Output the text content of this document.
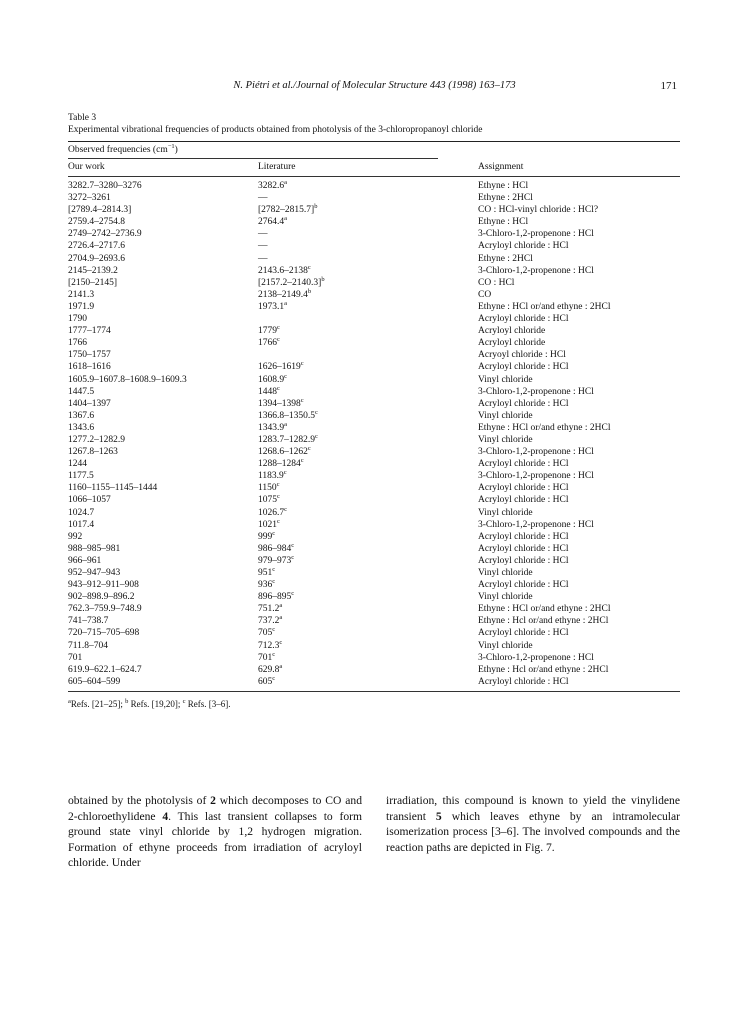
N. Piétri et al./Journal of Molecular Structure 443 (1998) 163–173	171
Table 3
Experimental vibrational frequencies of products obtained from photolysis of the 3-chloropropanoyl chloride
Observed frequencies $(cm^{-1})$
Our work	Literature	Assignment
3282.7–3280–3276	3282.6$^a$	Ethyne : HCl
3272–3261	—	Ethyne : 2HCl
[2789.4–2814.3]	$[2782-2815.7]^b$	CO : HCl-vinyl chloride : HCl?
2759.4–2754.8	2764.4$^a$	Ethyne : HCl
2749–2742–2736.9	—	3-Chloro-1,2-propenone : HCl
2726.4–2717.6	—	Acryloyl chloride : HCl
2704.9–2693.6	—	Ethyne : 2HCl
2145–2139.2	2143.6–2138$^c$	3-Chloro-1,2-propenone : HCl
[2150–2145]	$[2157.2-2140.3]^b$	CO : HCl
2141.3	2138–2149.4$^b$	CO
1971.9	1973.1$^a$	Ethyne : HCl or/and ethyne : 2HCl
1790		Acryloyl chloride : HCl
1777–1774	1779$^c$	Acryloyl chloride
1766	1766$^c$	Acryloyl chloride
1750–1757		Acryoyl chloride : HCl
1618–1616	1626–1619$^c$	Acryloyl chloride : HCl
1605.9–1607.8–1608.9–1609.3	1608.9$^c$	Vinyl chloride
1447.5	1448$^c$	3-Chloro-1,2-propenone : HCl
1404–1397	1394–1398$^c$	Acryloyl chloride : HCl
1367.6	1366.8–1350.5$^c$	Vinyl chloride
1343.6	1343.9$^a$	Ethyne : HCl or/and ethyne : 2HCl
1277.2–1282.9	1283.7–1282.9$^c$	Vinyl chloride
1267.8–1263	1268.6–1262$^c$	3-Chloro-1,2-propenone : HCl
1244	1288–1284$^c$	Acryloyl chloride : HCl
1177.5	1183.9$^c$	3-Chloro-1,2-propenone : HCl
1160–1155–1145–1444	1150$^c$	Acryloyl chloride : HCl
1066–1057	1075$^c$	Acryloyl chloride : HCl
1024.7	1026.7$^c$	Vinyl chloride
1017.4	1021$^c$	3-Chloro-1,2-propenone : HCl
992	999$^c$	Acryloyl chloride : HCl
988–985–981	986–984$^c$	Acryloyl chloride : HCl
966–961	979–973$^c$	Acryloyl chloride : HCl
952–947–943	951$^c$	Vinyl chloride
943–912–911–908	936$^c$	Acryloyl chloride : HCl
902–898.9–896.2	896–895$^c$	Vinyl chloride
762.3–759.9–748.9	751.2$^a$	Ethyne : HCl or/and ethyne : 2HCl
741–738.7	737.2$^a$	Ethyne : Hcl or/and ethyne : 2HCl
720–715–705–698	705$^c$	Acryloyl chloride : HCl
711.8–704	712.3$^c$	Vinyl chloride
701	701$^c$	3-Chloro-1,2-propenone : HCl
619.9–622.1–624.7	629.8$^a$	Ethyne : Hcl or/and ethyne : 2HCl
605–604–599	605$^c$	Acryloyl chloride : HCl
$^a$Refs. [21–25]; $^b$ Refs. [19,20]; $^c$ Refs. [3–6].
obtained by the photolysis of 2 which decomposes to CO and 2-chloroethylidene 4. This last transient collapses to form ground state vinyl chloride by 1,2 hydrogen migration. Formation of ethyne proceeds from irradiation of acryloyl chloride. Under
irradiation, this compound is known to yield the vinylidene transient 5 which leaves ethyne by an intramolecular isomerization process [3–6]. The involved compounds and the reaction paths are depicted in Fig. 7.
